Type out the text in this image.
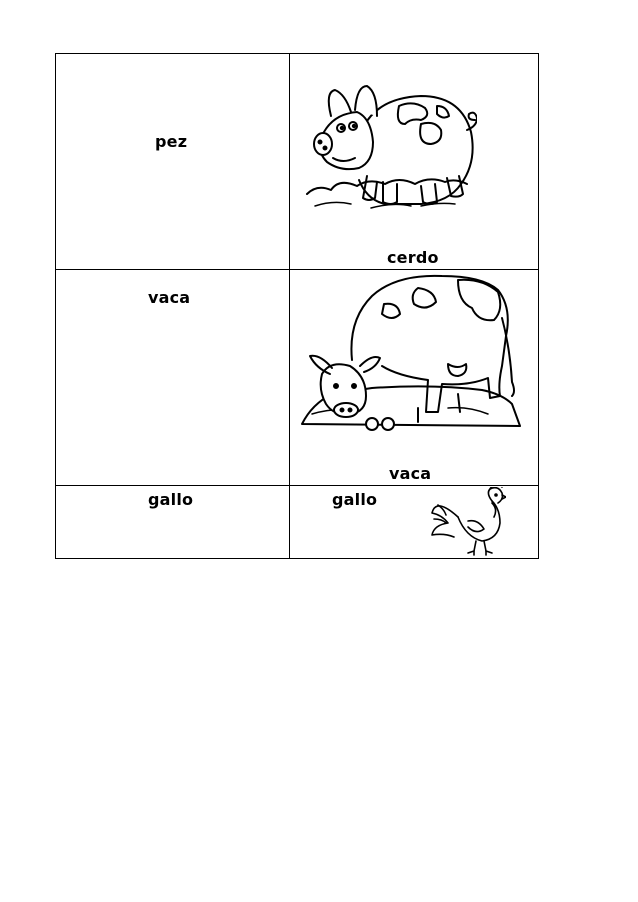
pez
cerdo
vaca
vaca
gallo	gallo
